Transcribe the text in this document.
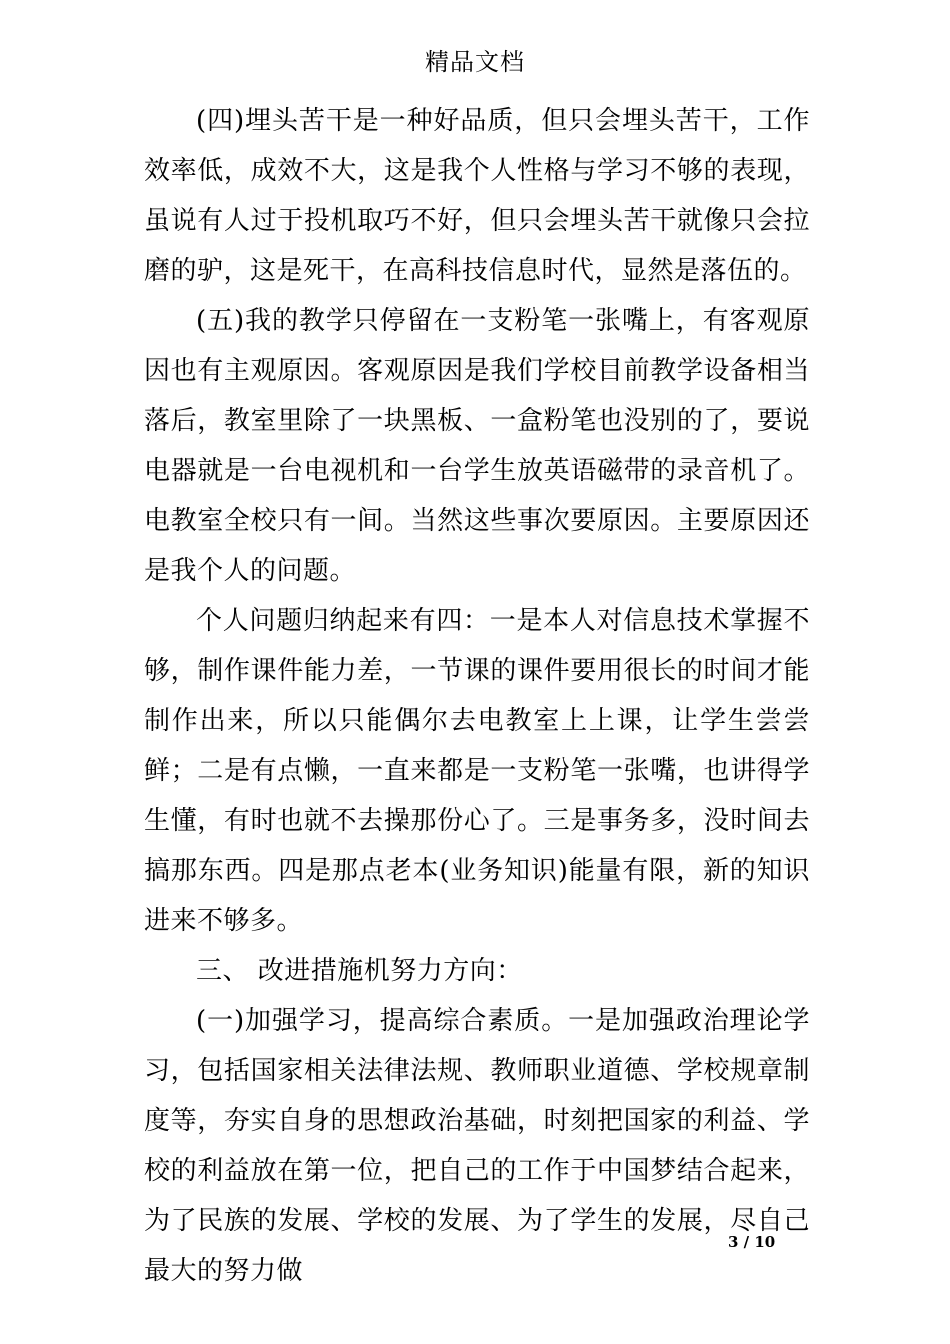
精品文档

(四)埋头苦干是一种好品质，但只会埋头苦干，工作效率低，成效不大，这是我个人性格与学习不够的表现，虽说有人过于投机取巧不好，但只会埋头苦干就像只会拉磨的驴，这是死干，在高科技信息时代，显然是落伍的。

(五)我的教学只停留在一支粉笔一张嘴上，有客观原因也有主观原因。客观原因是我们学校目前教学设备相当落后，教室里除了一块黑板、一盒粉笔也没别的了，要说电器就是一台电视机和一台学生放英语磁带的录音机了。电教室全校只有一间。当然这些事次要原因。主要原因还是我个人的问题。

个人问题归纳起来有四：一是本人对信息技术掌握不够，制作课件能力差，一节课的课件要用很长的时间才能制作出来，所以只能偶尔去电教室上上课，让学生尝尝鲜；二是有点懒，一直来都是一支粉笔一张嘴，也讲得学生懂，有时也就不去操那份心了。三是事务多，没时间去搞那东西。四是那点老本(业务知识)能量有限，新的知识进来不够多。

三、 改进措施机努力方向：

(一)加强学习，提高综合素质。一是加强政治理论学习，包括国家相关法律法规、教师职业道德、学校规章制度等，夯实自身的思想政治基础，时刻把国家的利益、学校的利益放在第一位，把自己的工作于中国梦结合起来，为了民族的发展、学校的发展、为了学生的发展，尽自己最大的努力做

3 / 10
